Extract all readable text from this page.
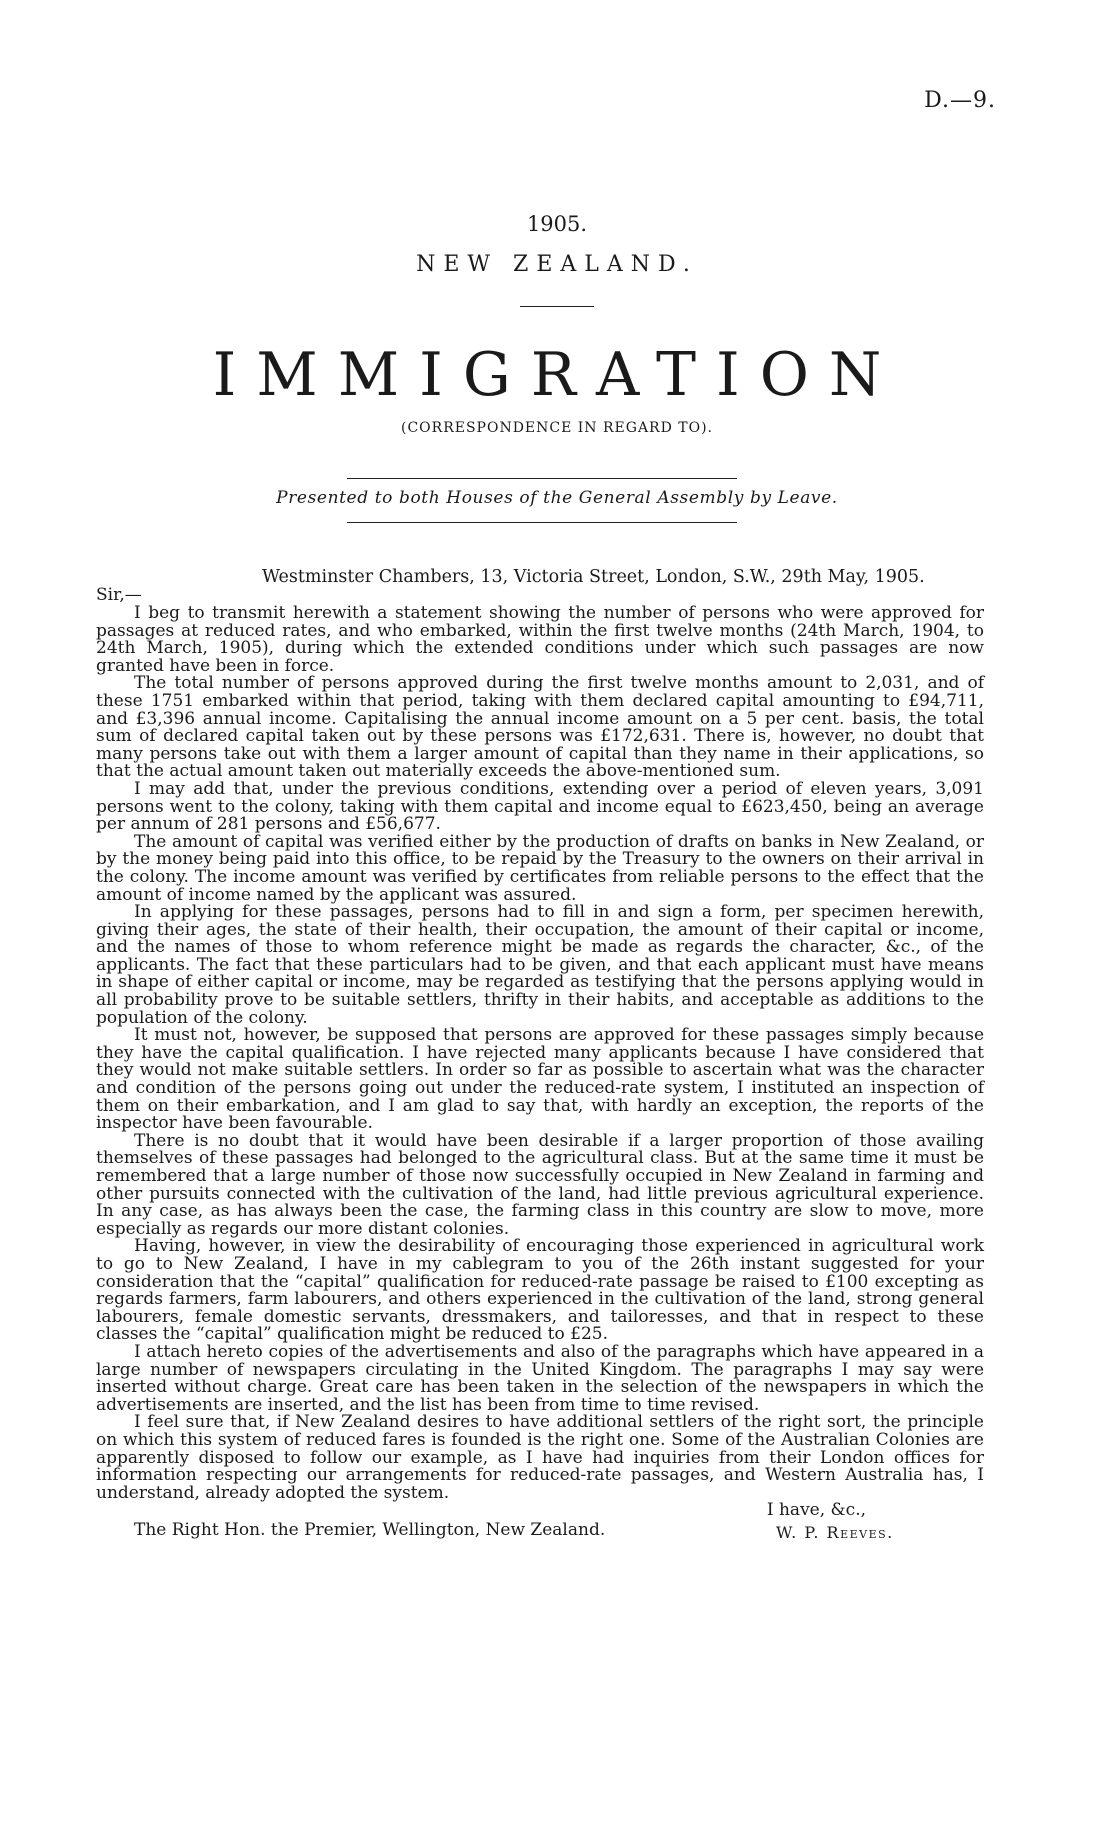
D.—9.
1905.
NEW ZEALAND.
IMMIGRATION
(CORRESPONDENCE IN REGARD TO).
Presented to both Houses of the General Assembly by Leave.
Westminster Chambers, 13, Victoria Street, London, S.W., 29th May, 1905.
Sir,—

I beg to transmit herewith a statement showing the number of persons who were approved for passages at reduced rates, and who embarked, within the first twelve months (24th March, 1904, to 24th March, 1905), during which the extended conditions under which such passages are now granted have been in force.

The total number of persons approved during the first twelve months amount to 2,031, and of these 1751 embarked within that period, taking with them declared capital amounting to £94,711, and £3,396 annual income. Capitalising the annual income amount on a 5 per cent. basis, the total sum of declared capital taken out by these persons was £172,631. There is, however, no doubt that many persons take out with them a larger amount of capital than they name in their applications, so that the actual amount taken out materially exceeds the above-mentioned sum.

I may add that, under the previous conditions, extending over a period of eleven years, 3,091 persons went to the colony, taking with them capital and income equal to £623,450, being an average per annum of 281 persons and £56,677.

The amount of capital was verified either by the production of drafts on banks in New Zealand, or by the money being paid into this office, to be repaid by the Treasury to the owners on their arrival in the colony. The income amount was verified by certificates from reliable persons to the effect that the amount of income named by the applicant was assured.

In applying for these passages, persons had to fill in and sign a form, per specimen herewith, giving their ages, the state of their health, their occupation, the amount of their capital or income, and the names of those to whom reference might be made as regards the character, &c., of the applicants. The fact that these particulars had to be given, and that each applicant must have means in shape of either capital or income, may be regarded as testifying that the persons applying would in all probability prove to be suitable settlers, thrifty in their habits, and acceptable as additions to the population of the colony.

It must not, however, be supposed that persons are approved for these passages simply because they have the capital qualification. I have rejected many applicants because I have considered that they would not make suitable settlers. In order so far as possible to ascertain what was the character and condition of the persons going out under the reduced-rate system, I instituted an inspection of them on their embarkation, and I am glad to say that, with hardly an exception, the reports of the inspector have been favourable.

There is no doubt that it would have been desirable if a larger proportion of those availing themselves of these passages had belonged to the agricultural class. But at the same time it must be remembered that a large number of those now successfully occupied in New Zealand in farming and other pursuits connected with the cultivation of the land, had little previous agricultural experience. In any case, as has always been the case, the farming class in this country are slow to move, more especially as regards our more distant colonies.

Having, however, in view the desirability of encouraging those experienced in agricultural work to go to New Zealand, I have in my cablegram to you of the 26th instant suggested for your consideration that the “capital” qualification for reduced-rate passage be raised to £100 excepting as regards farmers, farm labourers, and others experienced in the cultivation of the land, strong general labourers, female domestic servants, dressmakers, and tailoresses, and that in respect to these classes the “capital” qualification might be reduced to £25.

I attach hereto copies of the advertisements and also of the paragraphs which have appeared in a large number of newspapers circulating in the United Kingdom. The paragraphs I may say were inserted without charge. Great care has been taken in the selection of the newspapers in which the advertisements are inserted, and the list has been from time to time revised.

I feel sure that, if New Zealand desires to have additional settlers of the right sort, the principle on which this system of reduced fares is founded is the right one. Some of the Australian Colonies are apparently disposed to follow our example, as I have had inquiries from their London offices for information respecting our arrangements for reduced-rate passages, and Western Australia has, I understand, already adopted the system.

I have, &c.,
The Right Hon. the Premier, Wellington, New Zealand.	W. P. Reeves.
